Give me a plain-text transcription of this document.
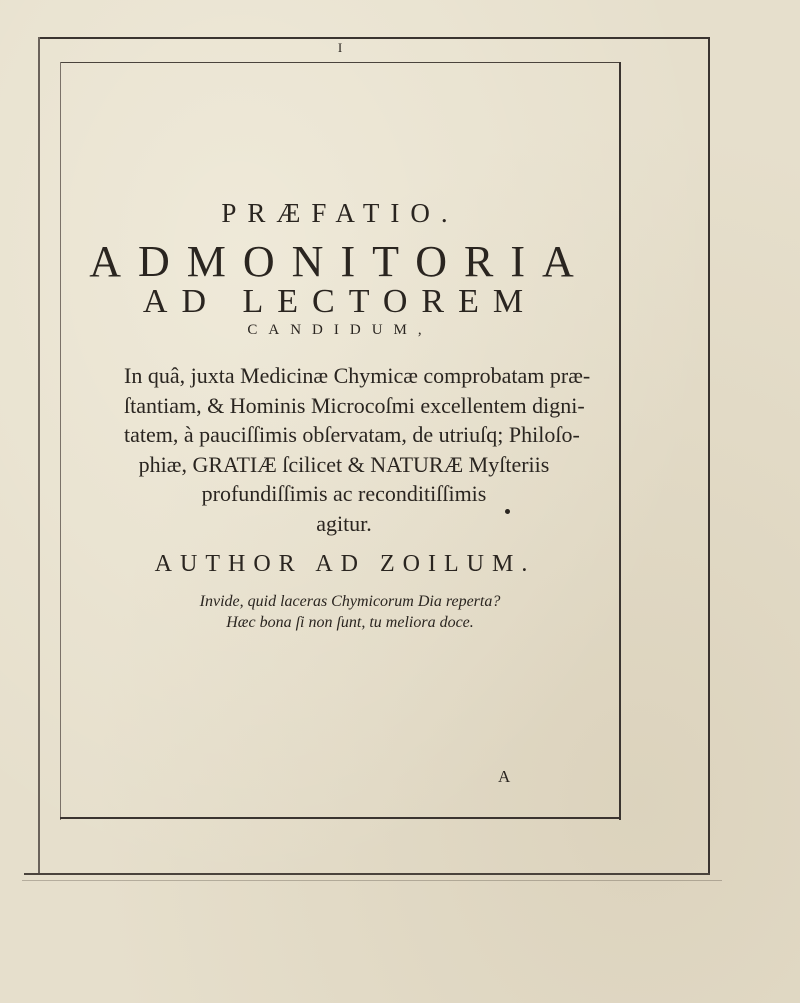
I
PRÆFATIO.
ADMONITORIA
AD LECTOREM
CANDIDUM,

In quâ, juxta Medicinæ Chymicæ comprobatam præ-
ſtantiam, & Hominis Microcoſmi excellentem digni-
tatem, à pauciſſimis obſervatam, de utriuſq; Philoſo-
phiæ, GRATIÆ ſcilicet & NATURÆ Myſteriis
profundiſſimis ac reconditiſſimis
agitur.

AUTHOR AD ZOILUM.
Invide, quid laceras Chymicorum Dia reperta?
Hæc bona ſi non ſunt, tu meliora doce.
A
